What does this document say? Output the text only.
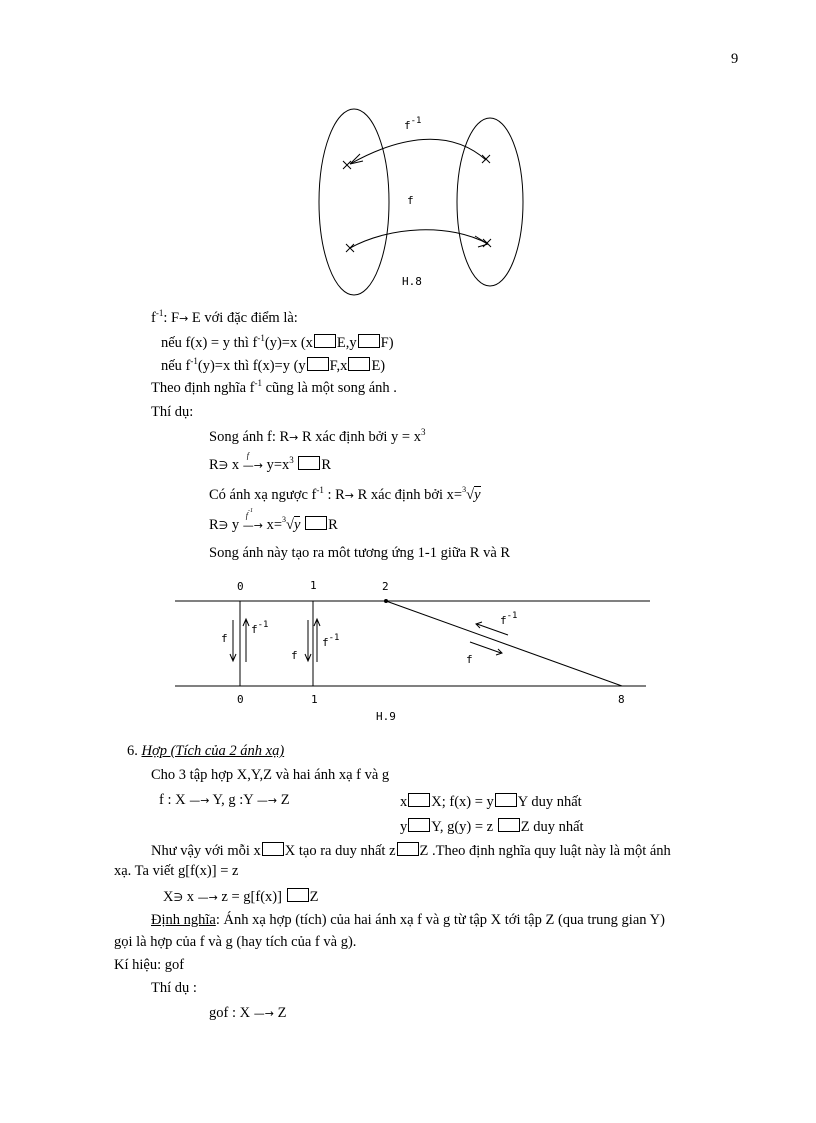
9
$f^{-1}$
f
H.8
$f^{-1}$: F→ E với đặc điểm là:
nếu f(x) = y thì $f^{-1}(y)=x$ (x E,y F)
nếu $f^{-1}(y)=x$ thì f(x)=y (y F,x E)
Theo định nghĩa $f^{-1}$ cũng là một song ánh .
Thí dụ:
Song ánh f: R→ R xác định bởi $y = x^3$
R∋ x —
f
→ $y=x^3$ R
Có ánh xạ ngược $f^{-1}$ : R→ R xác định bởi x=$^3$√y
R∋ y —
$f^{-1}$
→ x=$^3$√y R
Song ánh này tạo ra môt tương ứng 1-1 giữa R và R
0	1	2
0	1	8
f
$f^{-1}$
f
$f^{-1}$
$f^{-1}$
f
H.9
6. Hợp (Tích của 2 ánh xạ)
Cho 3 tập hợp X,Y,Z và hai ánh xạ f và g
f : X —→ Y, g :Y —→ Z	x X; f(x) = y Y duy nhất
y Y, g(y) = z Z duy nhất
Như vậy với mỗi x X tạo ra duy nhất z Z .Theo định nghĩa quy luật này là một ánh
xạ. Ta viết g[f(x)] = z
X∋ x —→ z = g[f(x)] Z
Định nghĩa: Ánh xạ hợp (tích) của hai ánh xạ f và g từ tập X tới tập Z (qua trung gian Y)
gọi là hợp của f và g (hay tích của f và g).
Kí hiệu: gof
Thí dụ :
gof : X —→ Z
